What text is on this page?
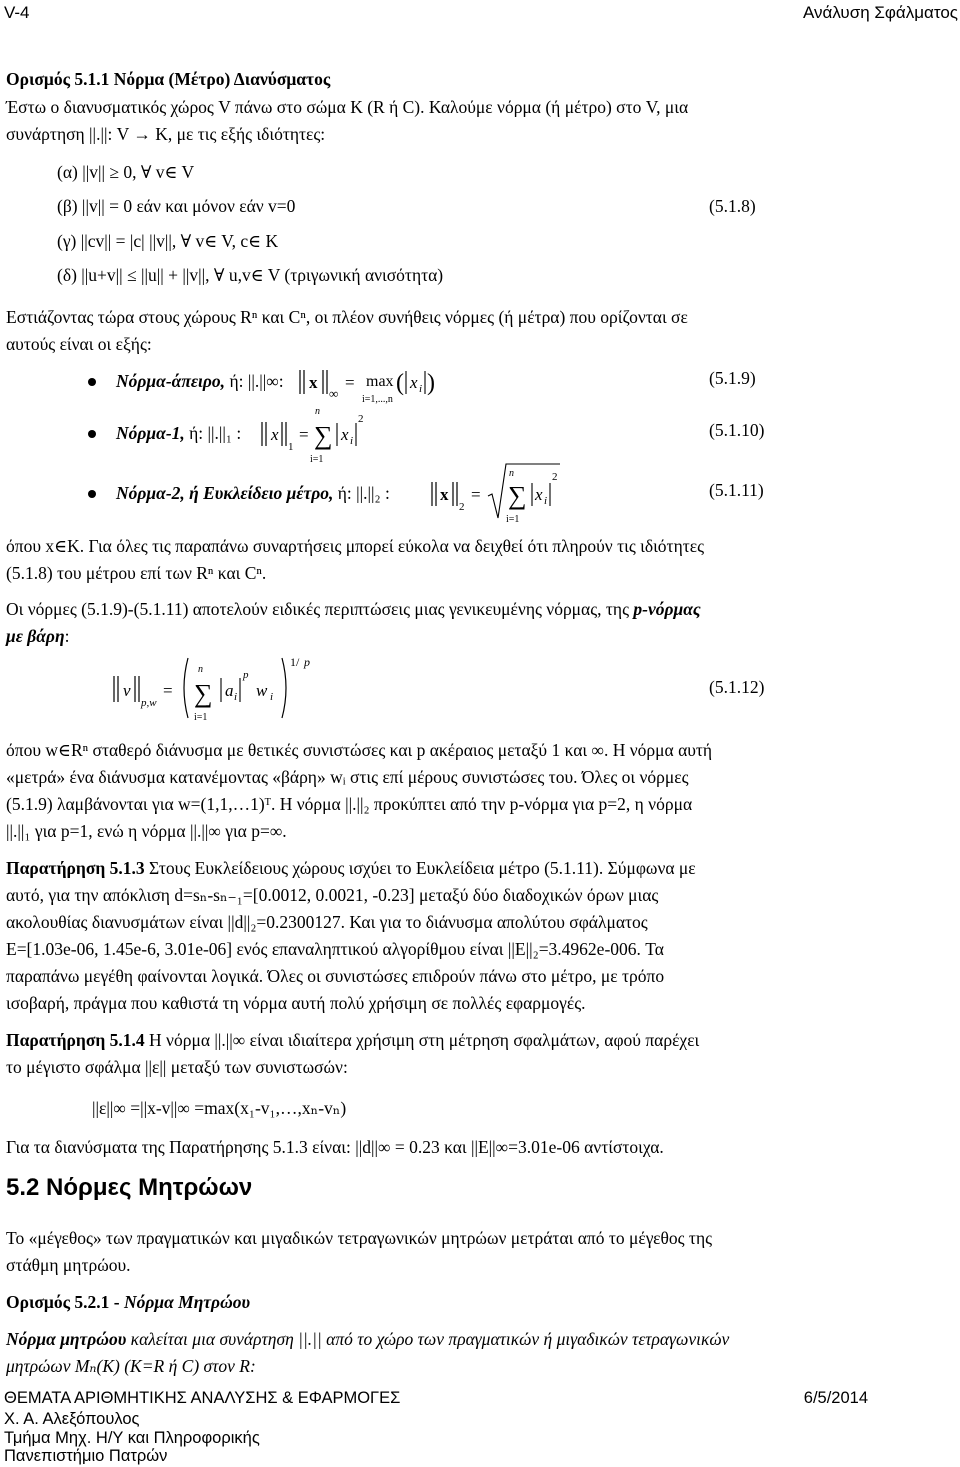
V-4	Ανάλυση Σφάλματος
Ορισμός 5.1.1 Νόρμα (Μέτρο) Διανύσματος
Έστω ο διανυσματικός χώρος V πάνω στο σώμα K (R ή C). Καλούμε νόρμα (ή μέτρο) στο V, μια
συνάρτηση ||.||: V → K, με τις εξής ιδιότητες:
(α) ||v|| ≥ 0, ∀ v∈ V
(β) ||v|| = 0 εάν και μόνον εάν v=0	(5.1.8)
(γ) ||cv|| = |c| ||v||, ∀ v∈ V, c∈ K
(δ) ||u+v|| ≤ ||u|| + ||v||, ∀ u,v∈ V (τριγωνική ανισότητα)
Εστιάζοντας τώρα στους χώρους Rⁿ και Cⁿ, οι πλέον συνήθεις νόρμες (ή μέτρα) που ορίζονται σε
αυτούς είναι οι εξής:
Νόρμα-άπειρο, ή: ||.||∞: x
∞
= max
i=1,...,n
( x i )	(5.1.9)
Νόρμα-1, ή: ||.||₁ : x
1
=
n
∑
i=1
x i
2
(5.1.10)
Νόρμα-2, ή Ευκλείδειο μέτρο, ή: ||.||₂ :	x
2
=
n
∑
i=1
x i
2
(5.1.11)
όπου x∈K. Για όλες τις παραπάνω συναρτήσεις μπορεί εύκολα να δειχθεί ότι πληρούν τις ιδιότητες
(5.1.8) του μέτρου επί των Rⁿ και Cⁿ.
Οι νόρμες (5.1.9)-(5.1.11) αποτελούν ειδικές περιπτώσεις μιας γενικευμένης νόρμας, της p-νόρμας
με βάρη:
v
p,w
=
n
∑
i=1
a i
p
w i
1/ p
(5.1.12)
όπου w∈Rⁿ σταθερό διάνυσμα με θετικές συνιστώσες και p ακέραιος μεταξύ 1 και ∞. Η νόρμα αυτή
«μετρά» ένα διάνυσμα κατανέμοντας «βάρη» wᵢ στις επί μέρους συνιστώσες του. Όλες οι νόρμες
(5.1.9) λαμβάνονται για w=(1,1,…1)ᵀ. Η νόρμα ||.||₂ προκύπτει από την p-νόρμα για p=2, η νόρμα
||.||₁ για p=1, ενώ η νόρμα ||.||∞ για p=∞.
Παρατήρηση 5.1.3 Στους Ευκλείδειους χώρους ισχύει το Ευκλείδεια μέτρο (5.1.11). Σύμφωνα με
αυτό, για την απόκλιση d=sₙ-sₙ₋₁=[0.0012, 0.0021, -0.23] μεταξύ δύο διαδοχικών όρων μιας
ακολουθίας διανυσμάτων είναι ||d||₂=0.2300127. Και για το διάνυσμα απολύτου σφάλματος
E=[1.03e-06, 1.45e-6, 3.01e-06] ενός επαναληπτικού αλγορίθμου είναι ||E||₂=3.4962e-006. Τα
παραπάνω μεγέθη φαίνονται λογικά. Όλες οι συνιστώσες επιδρούν πάνω στο μέτρο, με τρόπο
ισοβαρή, πράγμα που καθιστά τη νόρμα αυτή πολύ χρήσιμη σε πολλές εφαρμογές.
Παρατήρηση 5.1.4 Η νόρμα ||.||∞ είναι ιδιαίτερα χρήσιμη στη μέτρηση σφαλμάτων, αφού παρέχει
το μέγιστο σφάλμα ||ε|| μεταξύ των συνιστωσών:
||ε||∞ =||x-v||∞ =max(x₁-v₁,…,xₙ-vₙ)
Για τα διανύσματα της Παρατήρησης 5.1.3 είναι: ||d||∞ = 0.23 και ||E||∞=3.01e-06 αντίστοιχα.
5.2 Νόρμες Μητρώων
Το «μέγεθος» των πραγματικών και μιγαδικών τετραγωνικών μητρώων μετράται από το μέγεθος της
στάθμη μητρώου.
Ορισμός 5.2.1 - Νόρμα Μητρώου
Νόρμα μητρώου καλείται μια συνάρτηση ||.|| από το χώρο των πραγματικών ή μιγαδικών τετραγωνικών
μητρώων Mₙ(K) (K=R ή C) στον R:
ΘΕΜΑΤΑ ΑΡΙΘΜΗΤΙΚΗΣ ΑΝΑΛΥΣΗΣ & ΕΦΑΡΜΟΓΕΣ	6/5/2014
Χ. Α. Αλεξόπουλος
Τμήμα Μηχ. Η/Υ και Πληροφορικής
Πανεπιστήμιο Πατρών
